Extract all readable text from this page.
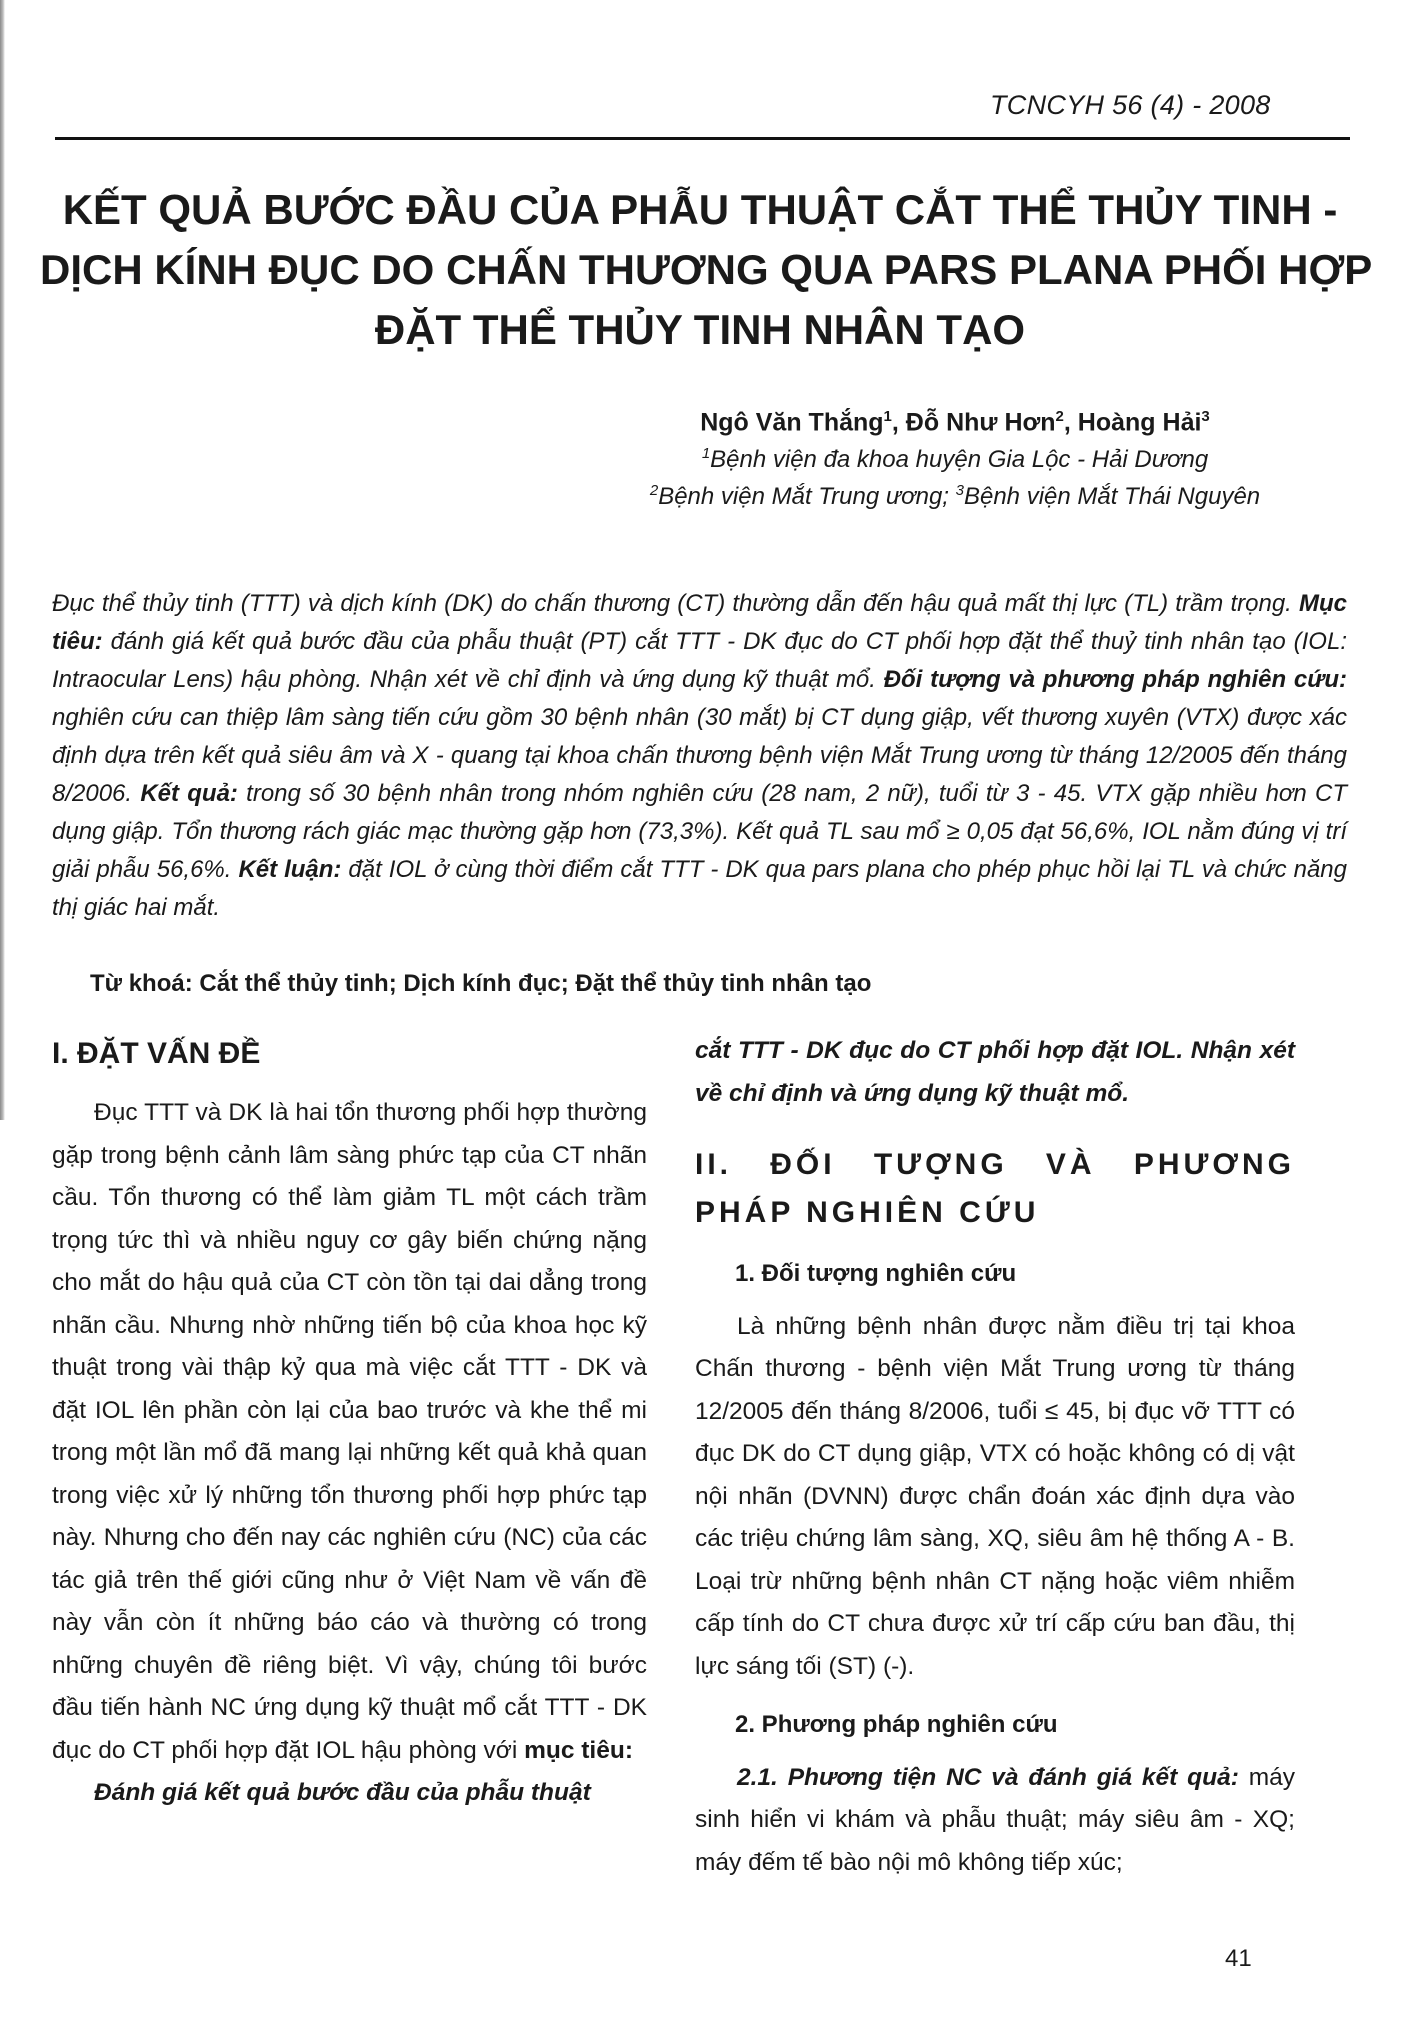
TCNCYH 56 (4) - 2008
KẾT QUẢ BƯỚC ĐẦU CỦA PHẪU THUẬT CẮT THỂ THỦY TINH -
DỊCH KÍNH ĐỤC DO CHẤN THƯƠNG QUA PARS PLANA PHỐI HỢP
ĐẶT THỂ THỦY TINH NHÂN TẠO
Ngô Văn Thắng$^1$, Đỗ Như Hơn$^2$, Hoàng Hải$^3$
$^1$Bệnh viện đa khoa huyện Gia Lộc - Hải Dương
$^2$Bệnh viện Mắt Trung ương; $^3$Bệnh viện Mắt Thái Nguyên
Đục thể thủy tinh (TTT) và dịch kính (DK) do chấn thương (CT) thường dẫn đến hậu quả mất thị lực (TL) trầm trọng. Mục tiêu: đánh giá kết quả bước đầu của phẫu thuật (PT) cắt TTT - DK đục do CT phối hợp đặt thể thuỷ tinh nhân tạo (IOL: Intraocular Lens) hậu phòng. Nhận xét về chỉ định và ứng dụng kỹ thuật mổ. Đối tượng và phương pháp nghiên cứu: nghiên cứu can thiệp lâm sàng tiến cứu gồm 30 bệnh nhân (30 mắt) bị CT dụng giập, vết thương xuyên (VTX) được xác định dựa trên kết quả siêu âm và X - quang tại khoa chấn thương bệnh viện Mắt Trung ương từ tháng 12/2005 đến tháng 8/2006. Kết quả: trong số 30 bệnh nhân trong nhóm nghiên cứu (28 nam, 2 nữ), tuổi từ 3 - 45. VTX gặp nhiều hơn CT dụng giập. Tổn thương rách giác mạc thường gặp hơn (73,3%). Kết quả TL sau mổ ≥ 0,05 đạt 56,6%, IOL nằm đúng vị trí giải phẫu 56,6%. Kết luận: đặt IOL ở cùng thời điểm cắt TTT - DK qua pars plana cho phép phục hồi lại TL và chức năng thị giác hai mắt.
Từ khoá: Cắt thể thủy tinh; Dịch kính đục; Đặt thể thủy tinh nhân tạo
I. ĐẶT VẤN ĐỀ

Đục TTT và DK là hai tổn thương phối hợp thường gặp trong bệnh cảnh lâm sàng phức tạp của CT nhãn cầu. Tổn thương có thể làm giảm TL một cách trầm trọng tức thì và nhiều nguy cơ gây biến chứng nặng cho mắt do hậu quả của CT còn tồn tại dai dẳng trong nhãn cầu. Nhưng nhờ những tiến bộ của khoa học kỹ thuật trong vài thập kỷ qua mà việc cắt TTT - DK và đặt IOL lên phần còn lại của bao trước và khe thể mi trong một lần mổ đã mang lại những kết quả khả quan trong việc xử lý những tổn thương phối hợp phức tạp này. Nhưng cho đến nay các nghiên cứu (NC) của các tác giả trên thế giới cũng như ở Việt Nam về vấn đề này vẫn còn ít những báo cáo và thường có trong những chuyên đề riêng biệt. Vì vậy, chúng tôi bước đầu tiến hành NC ứng dụng kỹ thuật mổ cắt TTT - DK đục do CT phối hợp đặt IOL hậu phòng với mục tiêu:

Đánh giá kết quả bước đầu của phẫu thuật

cắt TTT - DK đục do CT phối hợp đặt IOL. Nhận xét về chỉ định và ứng dụng kỹ thuật mổ.

II. ĐỐI TƯỢNG VÀ PHƯƠNG PHÁP NGHIÊN CỨU
1. Đối tượng nghiên cứu

Là những bệnh nhân được nằm điều trị tại khoa Chấn thương - bệnh viện Mắt Trung ương từ tháng 12/2005 đến tháng 8/2006, tuổi ≤ 45, bị đục vỡ TTT có đục DK do CT dụng giập, VTX có hoặc không có dị vật nội nhãn (DVNN) được chẩn đoán xác định dựa vào các triệu chứng lâm sàng, XQ, siêu âm hệ thống A - B. Loại trừ những bệnh nhân CT nặng hoặc viêm nhiễm cấp tính do CT chưa được xử trí cấp cứu ban đầu, thị lực sáng tối (ST) (-).

2. Phương pháp nghiên cứu

2.1. Phương tiện NC và đánh giá kết quả: máy sinh hiển vi khám và phẫu thuật; máy siêu âm - XQ; máy đếm tế bào nội mô không tiếp xúc;

41
